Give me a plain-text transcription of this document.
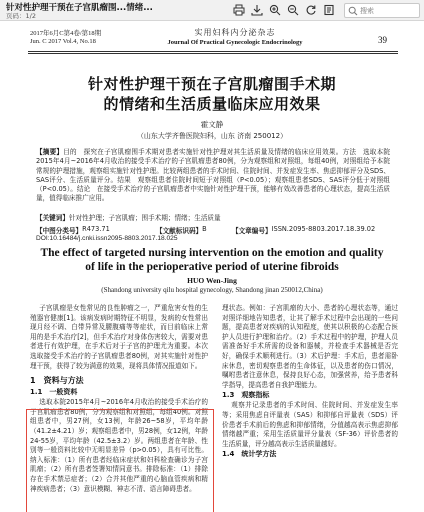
针对性护理干预在子宫肌瘤围...情绪...
页码：1/2
搜索
2017年6月C第4卷/第18期
Jun. C 2017 Vol.4, No.18
实用妇科内分泌杂志
Journal Of Practical Gynecologic Endocrinology	39
针对性护理干预在子宫肌瘤围手术期
的情绪和生活质量临床应用效果
霍文静
（山东大学齐鲁医院妇科，山东 济南 250012）
【摘要】目的　探究在子宫肌瘤围手术期对患者实施针对性护理对其生活质量及情绪的临床应用效果。方法　选取本院2015年4月~2016年4月收治的接受手术治疗的子宫肌瘤患者80例，分为观察组和对照组，每组40例，对照组给予本院常规的护理措施，观察组实施针对性护理。比较两组患者的手术时间、住院时间、并发症发生率、焦虑抑郁评分及SDS、SAS评分、生活质量评分。结果　观察组患者住院时间短于对照组（P<0.05）；观察组患者SDS、SAS评分低于对照组（P<0.05）。结论　在接受手术治疗的子宫肌瘤患者中实施针对性护理干预，能够有效改善患者的心理状态，提高生活质量，值得临床推广应用。
【关键词】针对性护理；子宫肌瘤；围手术期；情绪；生活质量
【中图分类号】 R473.71	【文献标识码】 B	【文章编号】 ISSN.2095-8803.2017.18.39.02
DOI:10.16484/j.cnki.issn2095-8803.2017.18.025
The effect of targeted nursing intervention on the emotion and quality
of life in the perioperative period of uterine fibroids
HUO Wen-Jing
(Shandong university qilu hospital gynecology, Shandong jinan 250012,China)

子宫肌瘤是女性常见的良性肿瘤之一，严重危害女性的生殖器官健康[1]。该病发病时期特征不明显，发病的女性常出现月经不调、白带异常及腰腹痛等等症状，而目前临床上常用的是手术治疗[2]，但手术治疗对身体伤害较大，需要对患者进行有效护理，在手术后对于子宫的护理尤为重要。本次选取接受手术治疗的子宫肌瘤患者80例，对其实施针对性护理干预，获得了较为满意的效果，现将具体情况报道如下。

1　资料与方法
1.1　一般资料

选取本院2015年4月~2016年4月收治的接受手术治疗的子宫肌瘤患者80例，分为观察组和对照组，每组40例。对照组患者中，男27例，女13例，年龄26~58岁，平均年龄（41.2±4.21）岁；观察组患者中，男28例，女12例，年龄24-55岁，平均年龄（42.5±3.2）岁。两组患者在年龄、性别等一般资料比较中无明显差异（p>0.05），具有可比性。纳入标准：（1）所有患者经临床症状和妇科检查确诊为子宫肌瘤；（2）所有患者签署知情同意书。排除标准：（1）排除存在手术禁忌症者；（2）合并其他严重的心脑血管疾病和精神疾病患者；（3）意识模糊、神志不清、语言障碍患者。

理状态。例如：子宫肌瘤的大小、患者的心理状态等，通过对照详细地告知患者，让其了解手术过程中会出现的一些问题，提高患者对疾病的认知程度，使其以积极的心态配合医护人员进行护理和治疗。（2）手术过程中的护理，护理人员需准备好手术所需的设备和器械，并检查手术器械是否完好，确保手术顺利进行。（3）术后护理：手术后，患者需卧床休息，密切观察患者的生命体征，以及患者的伤口情况，嘱咐患者注意休息，保持良好心态，加强营养，给予患者科学指导，提高患者自我护理能力。

1.3　观察指标

观察并记录患者的手术时间、住院时间、并发症发生率等；采用焦虑自评量表（SAS）和抑郁自评量表（SDS）评价患者手术前后的焦虑和抑郁情绪，分值越高表示焦虑抑郁情绪越严重；采用生活质量评分量表（SF-36）评价患者的生活质量，评分越高表示生活质量越好。

1.4　统计学方法
